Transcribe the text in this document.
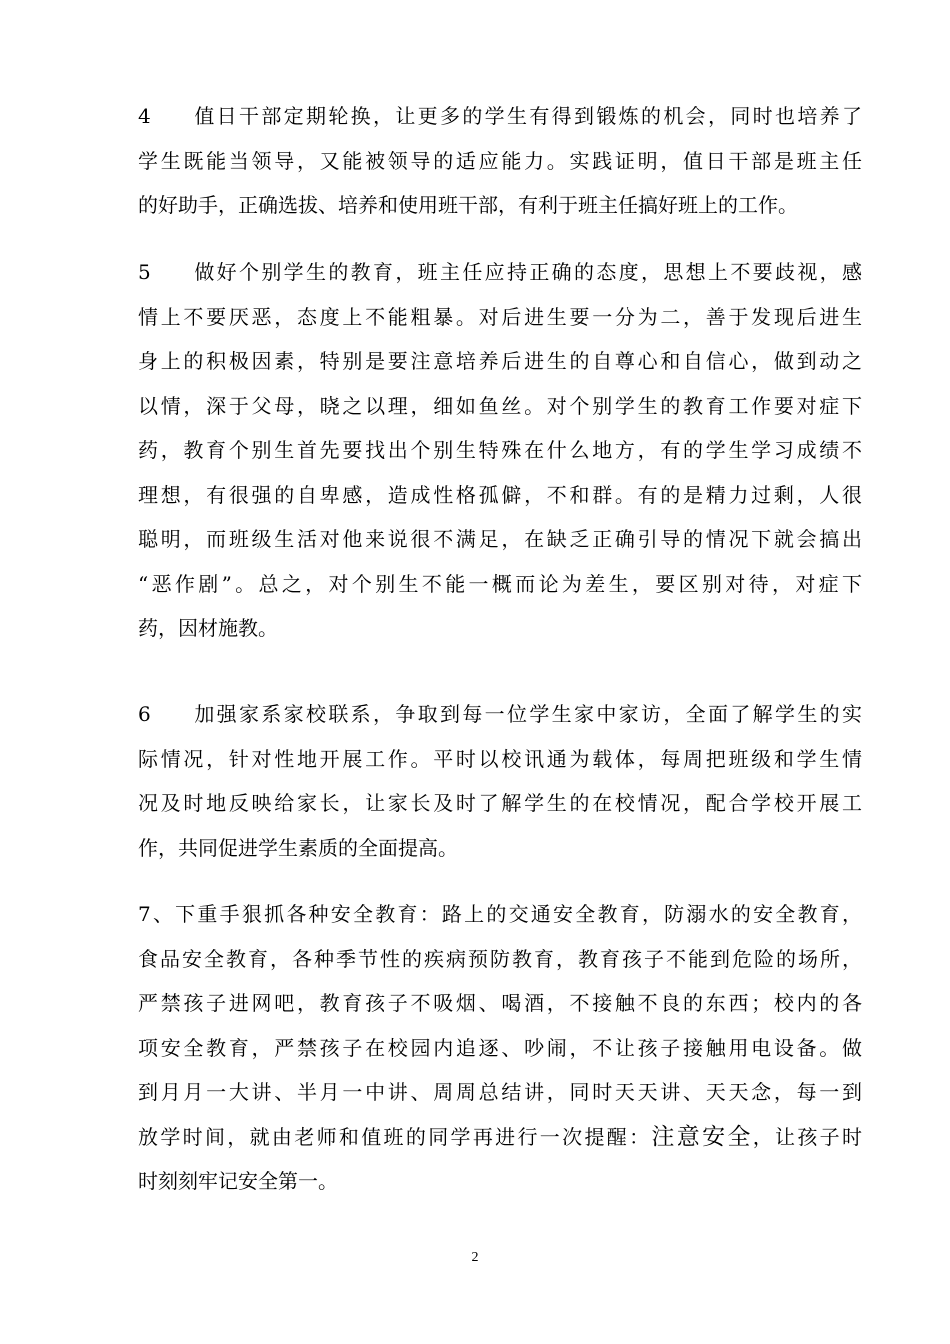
4 值日干部定期轮换，让更多的学生有得到锻炼的机会，同时也培养了
学生既能当领导，又能被领导的适应能力。实践证明，值日干部是班主任
的好助手，正确选拔、培养和使用班干部，有利于班主任搞好班上的工作。
5 做好个别学生的教育，班主任应持正确的态度，思想上不要歧视，感
情上不要厌恶，态度上不能粗暴。对后进生要一分为二，善于发现后进生
身上的积极因素，特别是要注意培养后进生的自尊心和自信心，做到动之
以情，深于父母，晓之以理，细如鱼丝。对个别学生的教育工作要对症下
药，教育个别生首先要找出个别生特殊在什么地方，有的学生学习成绩不
理想，有很强的自卑感，造成性格孤僻，不和群。有的是精力过剩，人很
聪明，而班级生活对他来说很不满足，在缺乏正确引导的情况下就会搞出
“恶作剧”。总之，对个别生不能一概而论为差生，要区别对待，对症下
药，因材施教。
6 加强家系家校联系，争取到每一位学生家中家访，全面了解学生的实
际情况，针对性地开展工作。平时以校讯通为载体，每周把班级和学生情
况及时地反映给家长，让家长及时了解学生的在校情况，配合学校开展工
作，共同促进学生素质的全面提高。
7、下重手狠抓各种安全教育：路上的交通安全教育，防溺水的安全教育，
食品安全教育，各种季节性的疾病预防教育，教育孩子不能到危险的场所，
严禁孩子进网吧，教育孩子不吸烟、喝酒，不接触不良的东西；校内的各
项安全教育，严禁孩子在校园内追逐、吵闹，不让孩子接触用电设备。做
到月月一大讲、半月一中讲、周周总结讲，同时天天讲、天天念，每一到
放学时间，就由老师和值班的同学再进行一次提醒：注意安全，让孩子时
时刻刻牢记安全第一。
2
